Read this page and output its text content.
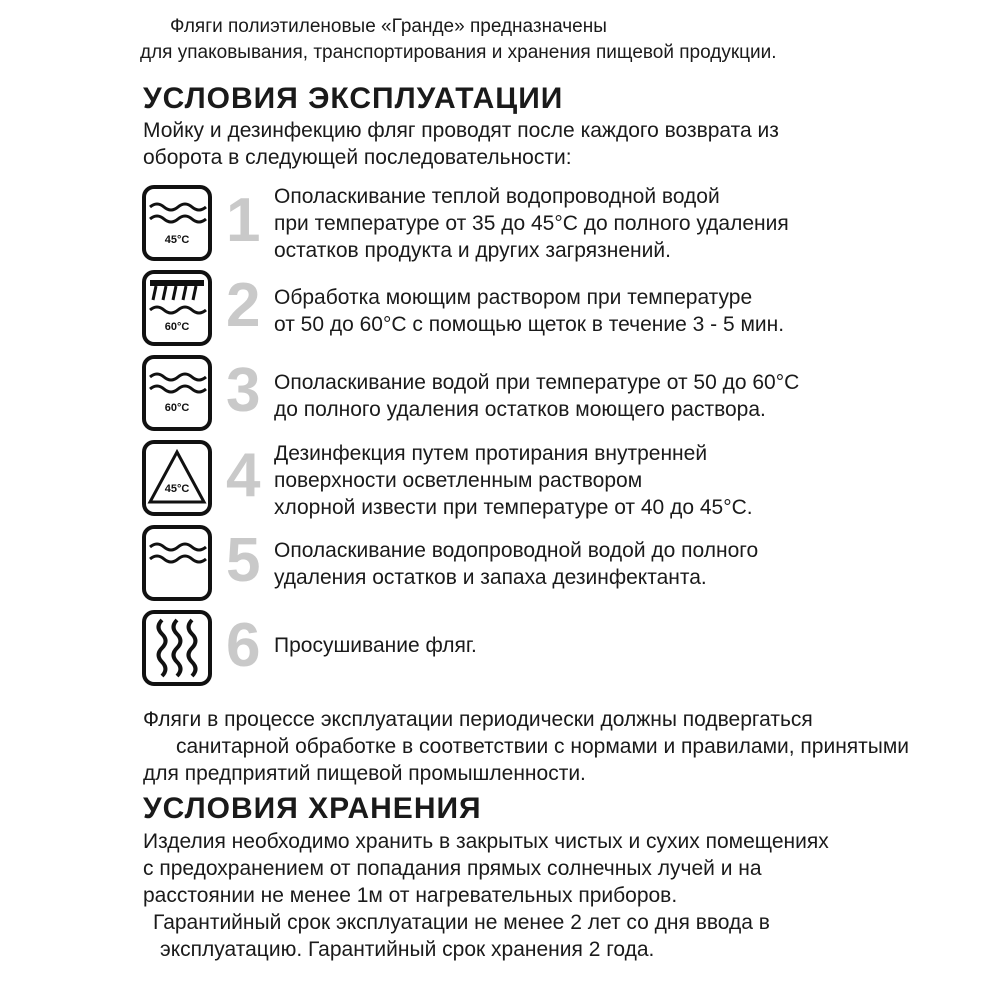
Фляги полиэтиленовые «Гранде» предназначены
для упаковывания, транспортирования и хранения пищевой продукции.
УСЛОВИЯ ЭКСПЛУАТАЦИИ
Мойку и дезинфекцию фляг проводят после каждого возврата из
оборота в следующей последовательности:
45°C 1 Ополаскивание теплой водопроводной водой
при температуре от 35 до 45°C до полного удаления
остатков продукта и других загрязнений.
60°C 2 Обработка моющим раствором при температуре
от 50 до 60°C с помощью щеток в течение 3 - 5 мин.
60°C 3 Ополаскивание водой при температуре от 50 до 60°C
до полного удаления остатков моющего раствора.
45°C 4 Дезинфекция путем протирания внутренней
поверхности осветленным раствором
хлорной извести при температуре от 40 до 45°C.
5 Ополаскивание водопроводной водой до полного
удаления остатков и запаха дезинфектанта.
6 Просушивание фляг.
Фляги в процессе эксплуатации периодически должны подвергаться
санитарной обработке в соответствии с нормами и правилами, принятыми
для предприятий пищевой промышленности.
УСЛОВИЯ ХРАНЕНИЯ
Изделия необходимо хранить в закрытых чистых и сухих помещениях
с предохранением от попадания прямых солнечных лучей и на
расстоянии не менее 1м от нагревательных приборов.
Гарантийный срок эксплуатации не менее 2 лет со дня ввода в
эксплуатацию. Гарантийный срок хранения 2 года.
